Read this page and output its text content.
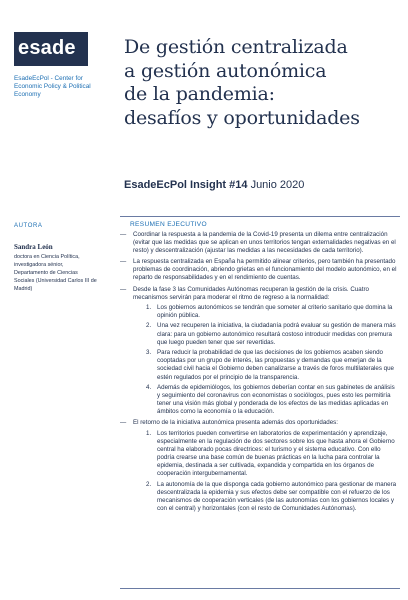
esade
EsadeEcPol - Center for Economic Policy & Political Economy
AUTORA
Sandra León
doctora en Ciencia Política, investigadora sénior, Departamento de Ciencias Sociales (Universidad Carlos III de Madrid)
De gestión centralizada
a gestión autonómica
de la pandemia:
desafíos y oportunidades
EsadeEcPol Insight #14 Junio 2020
RESUMEN EJECUTIVO
— Coordinar la respuesta a la pandemia de la Covid-19 presenta un dilema entre centralización (evitar que las medidas que se aplican en unos territorios tengan externalidades negativas en el resto) y descentralización (ajustar las medidas a las necesidades de cada territorio).
— La respuesta centralizada en España ha permitido alinear criterios, pero también ha presentado problemas de coordinación, abriendo grietas en el funcionamiento del modelo autonómico, en el reparto de responsabilidades y en el rendimiento de cuentas.
— Desde la fase 3 las Comunidades Autónomas recuperan la gestión de la crisis. Cuatro mecanismos servirán para moderar el ritmo de regreso a la normalidad:
1. Los gobiernos autonómicos se tendrán que someter al criterio sanitario que domina la opinión pública.
2. Una vez recuperen la iniciativa, la ciudadanía podrá evaluar su gestión de manera más clara: para un gobierno autonómico resultará costoso introducir medidas con premura que luego pueden tener que ser revertidas.
3. Para reducir la probabilidad de que las decisiones de los gobiernos acaben siendo cooptadas por un grupo de interés, las propuestas y demandas que emerjan de la sociedad civil hacia el Gobierno deben canalizarse a través de foros multilaterales que estén regulados por el principio de la transparencia.
4. Además de epidemiólogos, los gobiernos deberían contar en sus gabinetes de análisis y seguimiento del coronavirus con economistas o sociólogos, pues esto les permitiría tener una visión más global y ponderada de los efectos de las medidas aplicadas en ámbitos como la economía o la educación.
— El retorno de la iniciativa autonómica presenta además dos oportunidades:
1. Los territorios pueden convertirse en laboratorios de experimentación y aprendizaje, especialmente en la regulación de dos sectores sobre los que hasta ahora el Gobierno central ha elaborado pocas directrices: el turismo y el sistema educativo. Con ello podría crearse una base común de buenas prácticas en la lucha para controlar la epidemia, destinada a ser cultivada, expandida y compartida en los órganos de cooperación intergubernamental.
2. La autonomía de la que disponga cada gobierno autonómico para gestionar de manera descentralizada la epidemia y sus efectos debe ser compatible con el refuerzo de los mecanismos de cooperación verticales (de las autonomías con los gobiernos locales y con el central) y horizontales (con el resto de Comunidades Autónomas).
